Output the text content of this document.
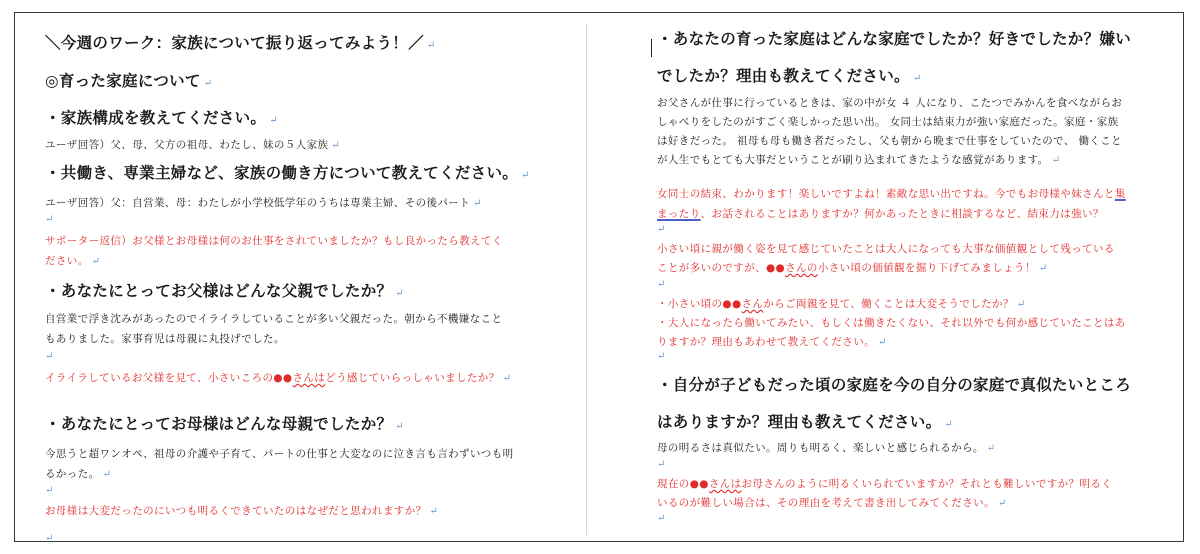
＼今週のワーク：家族について振り返ってみよう！／ ↵
◎育った家庭について ↵
・家族構成を教えてください。 ↵
ユーザ回答）父、母、父方の祖母、わたし、妹の５人家族 ↵
・共働き、専業主婦など、家族の働き方について教えてください。 ↵
ユーザ回答）父：自営業、母：わたしが小学校低学年のうちは専業主婦、その後パート ↵
↵
サポーター返信）お父様とお母様は何のお仕事をされていましたか？もし良かったら教えてく
ださい。 ↵
・あなたにとってお父様はどんな父親でしたか？ ↵
自営業で浮き沈みがあったのでイライラしていることが多い父親だった。朝から不機嫌なこと
もありました。家事育児は母親に丸投げでした。
↵
イライラしているお父様を見て、小さいころの●●さんはどう感じていらっしゃいましたか？ ↵
・あなたにとってお母様はどんな母親でしたか？ ↵
今思うと超ワンオペ、祖母の介護や子育て、パートの仕事と大変なのに泣き言も言わずいつも明
るかった。 ↵
↵
お母様は大変だったのにいつも明るくできていたのはなぜだと思われますか？ ↵
↵
・あなたの育った家庭はどんな家庭でしたか？好きでしたか？嫌い
でしたか？理由も教えてください。 ↵
お父さんが仕事に行っているときは、家の中が女 ４ 人になり、こたつでみかんを食べながらお
しゃべりをしたのがすごく楽しかった思い出。 女同士は結束力が強い家庭だった。家庭・家族
は好きだった。 祖母も母も働き者だったし、父も朝から晩まで仕事をしていたので、 働くこと
が人生でもとても大事だということが刷り込まれてきたような感覚があります。 ↵
女同士の結束、わかります！楽しいですよね！素敵な思い出ですね。今でもお母様や妹さんと集
まったり、お話されることはありますか？何かあったときに相談するなど、結束力は強い？
↵
小さい頃に親が働く姿を見て感じていたことは大人になっても大事な価値観として残っている
ことが多いのですが、●●さんの小さい頃の価値観を掘り下げてみましょう！ ↵
↵
・小さい頃の●●さんからご両親を見て、働くことは大変そうでしたか？ ↵
・大人になったら働いてみたい、もしくは働きたくない、それ以外でも何か感じていたことはあ
りますか？理由もあわせて教えてください。 ↵
↵
・自分が子どもだった頃の家庭を今の自分の家庭で真似たいところ
はありますか？理由も教えてください。 ↵
母の明るさは真似たい。周りも明るく、楽しいと感じられるから。 ↵
↵
現在の●●さんはお母さんのように明るくいられていますか？それとも難しいですか？明るく
いるのが難しい場合は、その理由を考えて書き出してみてください。 ↵
↵
